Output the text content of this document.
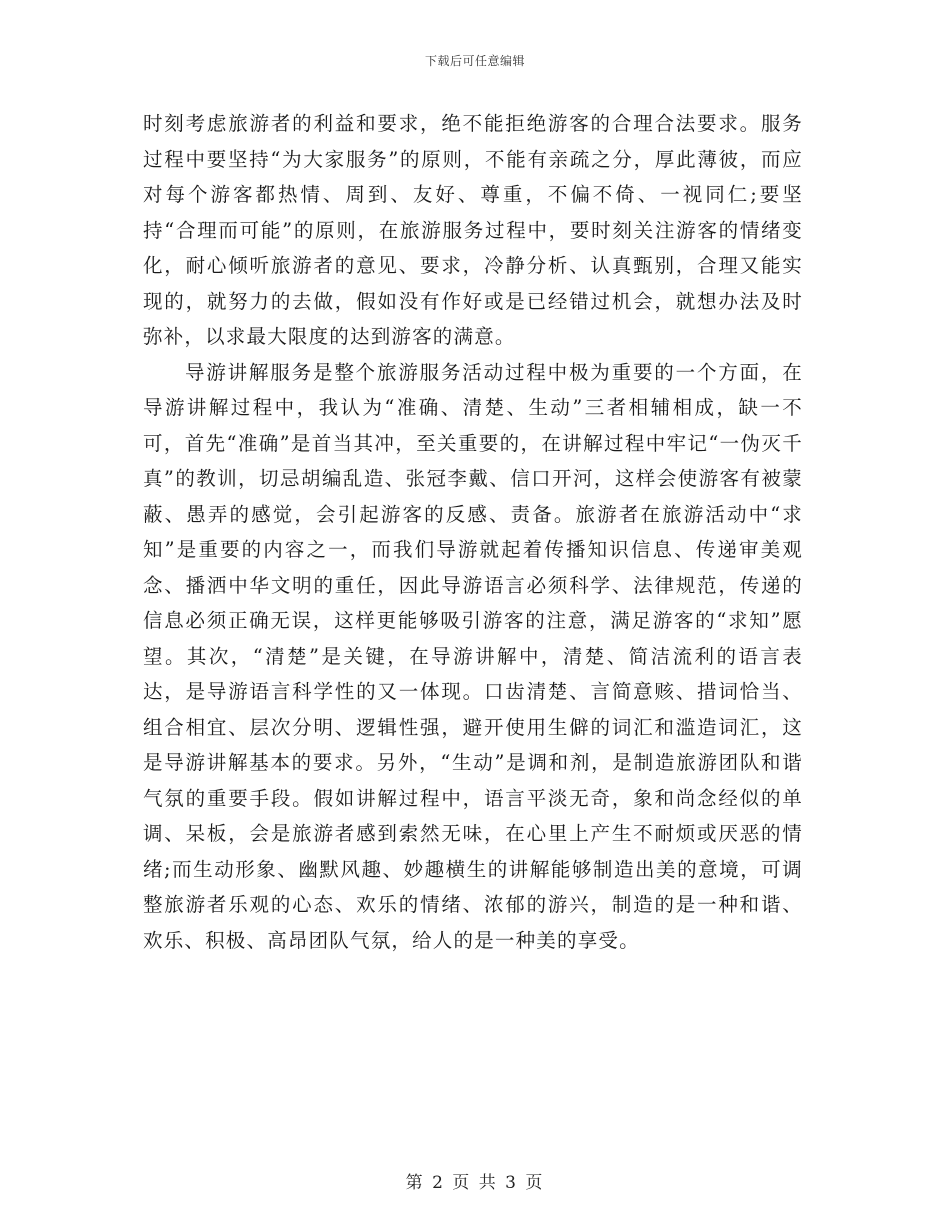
下载后可任意编辑

时刻考虑旅游者的利益和要求，绝不能拒绝游客的合理合法要求。服务过程中要坚持“为大家服务”的原则，不能有亲疏之分，厚此薄彼，而应对每个游客都热情、周到、友好、尊重，不偏不倚、一视同仁;要坚持“合理而可能”的原则，在旅游服务过程中，要时刻关注游客的情绪变化，耐心倾听旅游者的意见、要求，冷静分析、认真甄别，合理又能实现的，就努力的去做，假如没有作好或是已经错过机会，就想办法及时弥补，以求最大限度的达到游客的满意。

导游讲解服务是整个旅游服务活动过程中极为重要的一个方面，在导游讲解过程中，我认为“准确、清楚、生动”三者相辅相成，缺一不可，首先“准确”是首当其冲，至关重要的，在讲解过程中牢记“一伪灭千真”的教训，切忌胡编乱造、张冠李戴、信口开河，这样会使游客有被蒙蔽、愚弄的感觉，会引起游客的反感、责备。旅游者在旅游活动中“求知”是重要的内容之一，而我们导游就起着传播知识信息、传递审美观念、播洒中华文明的重任，因此导游语言必须科学、法律规范，传递的信息必须正确无误，这样更能够吸引游客的注意，满足游客的“求知”愿望。其次，“清楚”是关键，在导游讲解中，清楚、简洁流利的语言表达，是导游语言科学性的又一体现。口齿清楚、言简意赅、措词恰当、组合相宜、层次分明、逻辑性强，避开使用生僻的词汇和滥造词汇，这是导游讲解基本的要求。另外，“生动”是调和剂，是制造旅游团队和谐气氛的重要手段。假如讲解过程中，语言平淡无奇，象和尚念经似的单调、呆板，会是旅游者感到索然无味，在心里上产生不耐烦或厌恶的情绪;而生动形象、幽默风趣、妙趣横生的讲解能够制造出美的意境，可调整旅游者乐观的心态、欢乐的情绪、浓郁的游兴，制造的是一种和谐、欢乐、积极、高昂团队气氛，给人的是一种美的享受。

第 2 页 共 3 页
